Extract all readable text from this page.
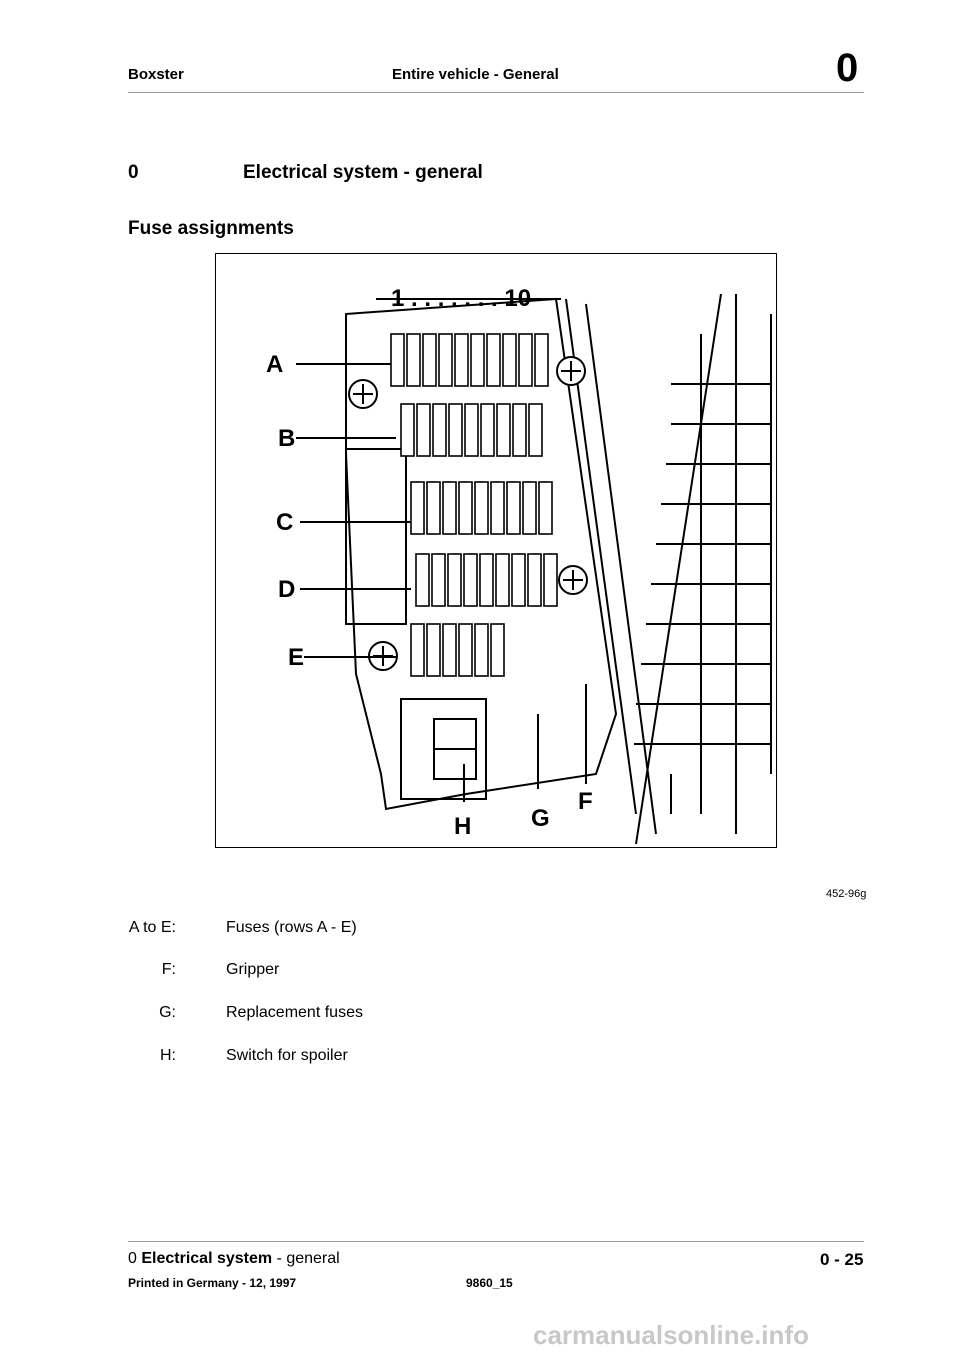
Boxster	Entire vehicle - General	0
0	Electrical system - general
Fuse assignments
1 . . . . . . . 10
A
B
C
D
E
F
G
H
452-96g
A to E:	Fuses (rows A - E)
F:	Gripper
G:	Replacement fuses
H:	Switch for spoiler
0 Electrical system - general
Printed in Germany - 12, 1997	9860_15
0 - 25
carmanualsonline.info
